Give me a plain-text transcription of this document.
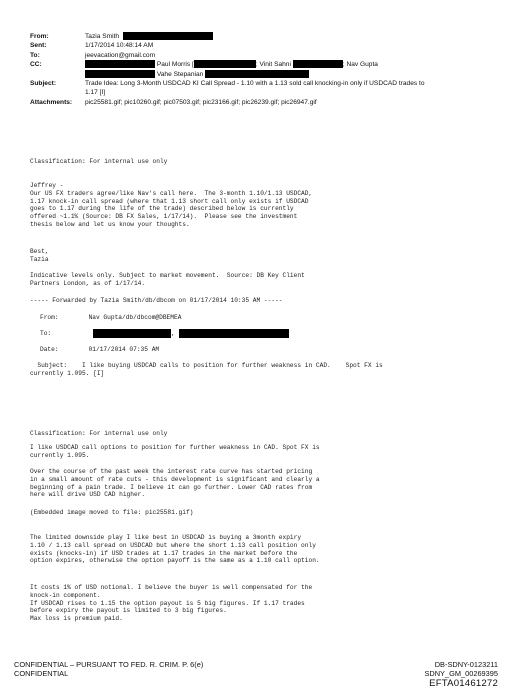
From:	Tazia Smith
Sent:	1/17/2014 10:48:14 AM
To:	jeevacation@gmail.com
CC:	Paul Morris [	; Vinit Sahni	; Nav Gupta
Vahe Stepanian
Subject:	Trade Idea: Long 3-Month USDCAD KI Call Spread - 1.10 with a 1.13 sold call knocking-in only if USDCAD trades to
1.17 [I]
Attachments:	pic25581.gif; pic10260.gif; pic07503.gif; pic23166.gif; pic26239.gif; pic26947.gif
Classification: For internal use only
Jeffrey -
Our US FX traders agree/like Nav's call here.  The 3-month 1.10/1.13 USDCAD,
1.17 knock-in call spread (where that 1.13 short call only exists if USDCAD
goes to 1.17 during the life of the trade) described below is currently
offered ~1.1% (Source: DB FX Sales, 1/17/14).  Please see the investment
thesis below and let us know your thoughts.
Best,
Tazia
Indicative levels only. Subject to market movement.  Source: DB Key Client
Partners London, as of 1/17/14.
----- Forwarded by Tazia Smith/db/dbcom on 01/17/2014 10:35 AM -----
From:	Nav Gupta/db/dbcom@DBEMEA
To:	,
Date:	01/17/2014 07:35 AM
Subject:    I like buying USDCAD calls to position for further weakness in CAD.    Spot FX is
currently 1.095. [I]
Classification: For internal use only
I like USDCAD call options to position for further weakness in CAD. Spot FX is
currently 1.095.
Over the course of the past week the interest rate curve has started pricing
in a small amount of rate cuts - this development is significant and clearly a
beginning of a pain trade. I believe it can go further. Lower CAD rates from
here will drive USD CAD higher.
(Embedded image moved to file: pic25581.gif)
The limited downside play I like best in USDCAD is buying a 3month expiry
1.10 / 1.13 call spread on USDCAD but where the short 1.13 call position only
exists (knocks-in) if USD trades at 1.17 trades in the market before the
option expires, otherwise the option payoff is the same as a 1.10 call option.
It costs 1% of USD notional. I believe the buyer is well compensated for the
knock-in component.
If USDCAD rises to 1.15 the option payout is 5 big figures. If 1.17 trades
before expiry the payout is limited to 3 big figures.
Max loss is premium paid.
CONFIDENTIAL – PURSUANT TO FED. R. CRIM. P. 6(e)
CONFIDENTIAL
DB-SDNY-0123211
SDNY_GM_00269395
EFTA01461272
